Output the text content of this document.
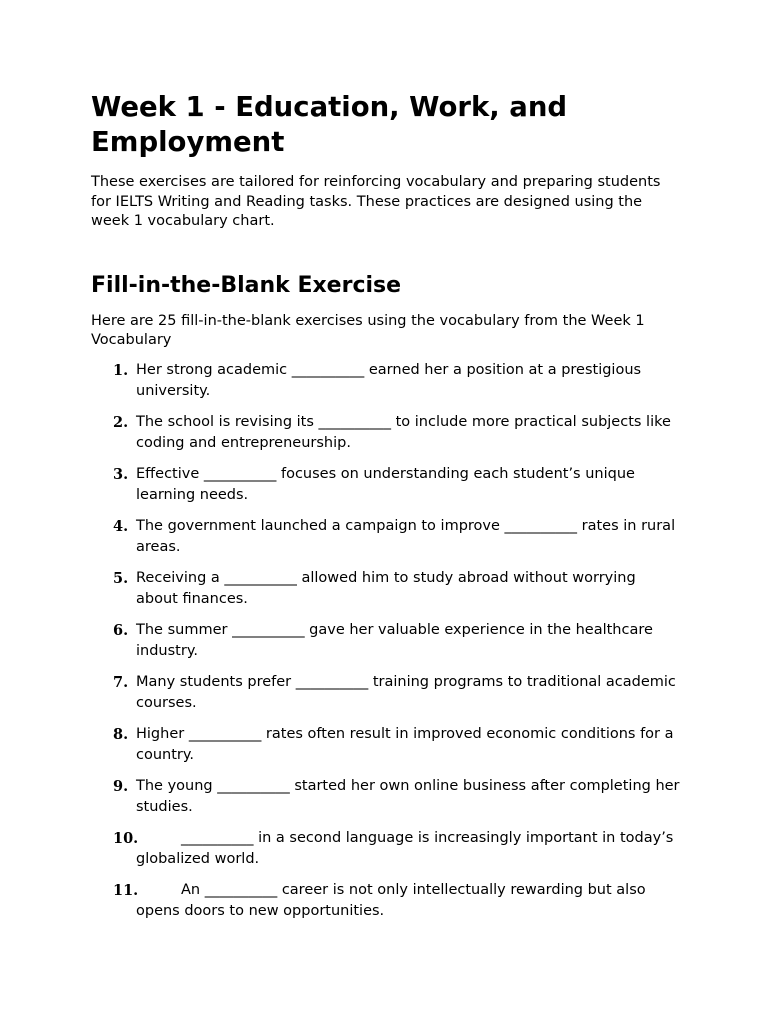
Week 1 - Education, Work, and Employment

These exercises are tailored for reinforcing vocabulary and preparing students for IELTS Writing and Reading tasks. These practices are designed using the week 1 vocabulary chart.

Fill-in-the-Blank Exercise

Here are 25 fill-in-the-blank exercises using the vocabulary from the Week 1 Vocabulary

1. Her strong academic __________ earned her a position at a prestigious university.
2. The school is revising its __________ to include more practical subjects like coding and entrepreneurship.
3. Effective __________ focuses on understanding each student’s unique learning needs.
4. The government launched a campaign to improve __________ rates in rural areas.
5. Receiving a __________ allowed him to study abroad without worrying about finances.
6. The summer __________ gave her valuable experience in the healthcare industry.
7. Many students prefer __________ training programs to traditional academic courses.
8. Higher __________ rates often result in improved economic conditions for a country.
9. The young __________ started her own online business after completing her studies.
10.	__________ in a second language is increasingly important in today’s globalized world.
11.	An __________ career is not only intellectually rewarding but also opens doors to new opportunities.
